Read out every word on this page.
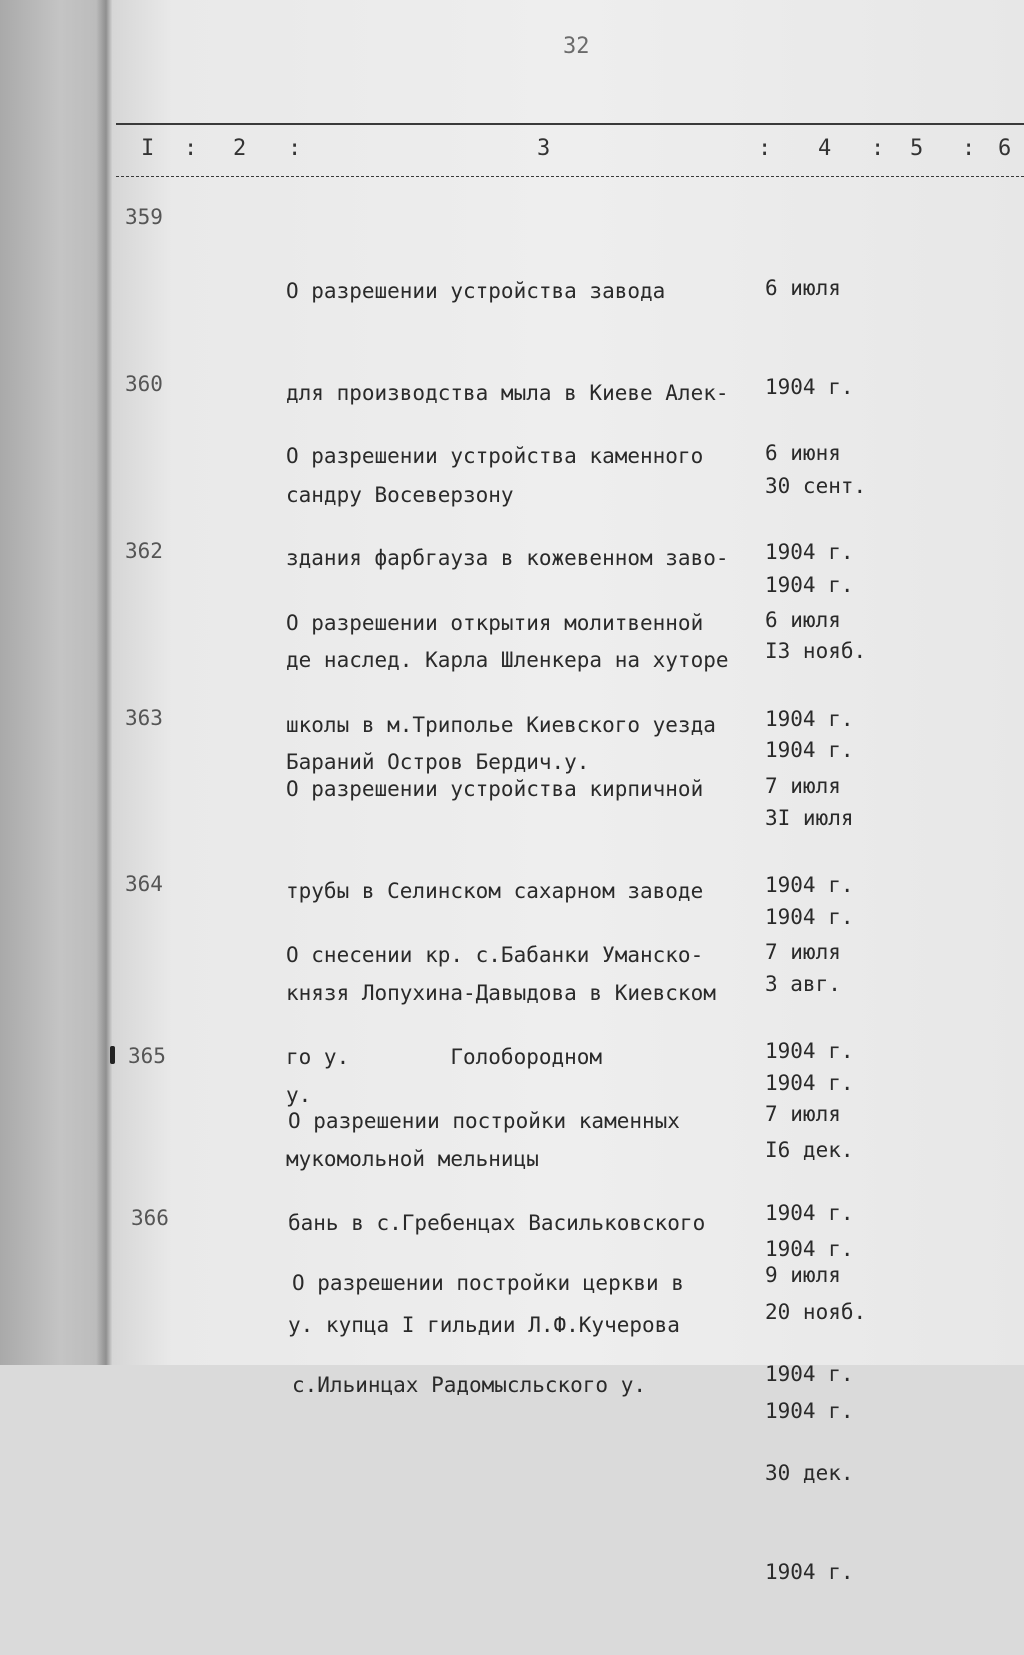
32
I : 2 :	3	: 4 : 5 : 6
359

О разрешении устройства завода

для производства мыла в Киеве Алек-

сандру Восеверзону

6 июля

1904 г.

30 сент.

1904 г.

360

О разрешении устройства каменного

здания фарбгауза в кожевенном заво-

де наслед. Карла Шленкера на хуторе

Бараний Остров Бердич.у.

6 июня

1904 г.

I3 нояб.

1904 г.

362

О разрешении открытия молитвенной

школы в м.Триполье Киевского уезда

6 июля

1904 г.

3I июля

1904 г.

363

О разрешении устройства кирпичной

трубы в Селинском сахарном заводе

князя Лопухина-Давыдова в Киевском

у.

7 июля

1904 г.

3 авг.

1904 г.

364

О снесении кр. с.Бабанки Уманско-

го у.        Голобородном

мукомольной мельницы

7 июля

1904 г.

I6 дек.

1904 г.

365

О разрешении постройки каменных

бань в с.Гребенцах Васильковского

у. купца I гильдии Л.Ф.Кучерова

7 июля

1904 г.

20 нояб.

1904 г.

366

О разрешении постройки церкви в

с.Ильинцах Радомысльского у.

9 июля

1904 г.

30 дек.

1904 г.
